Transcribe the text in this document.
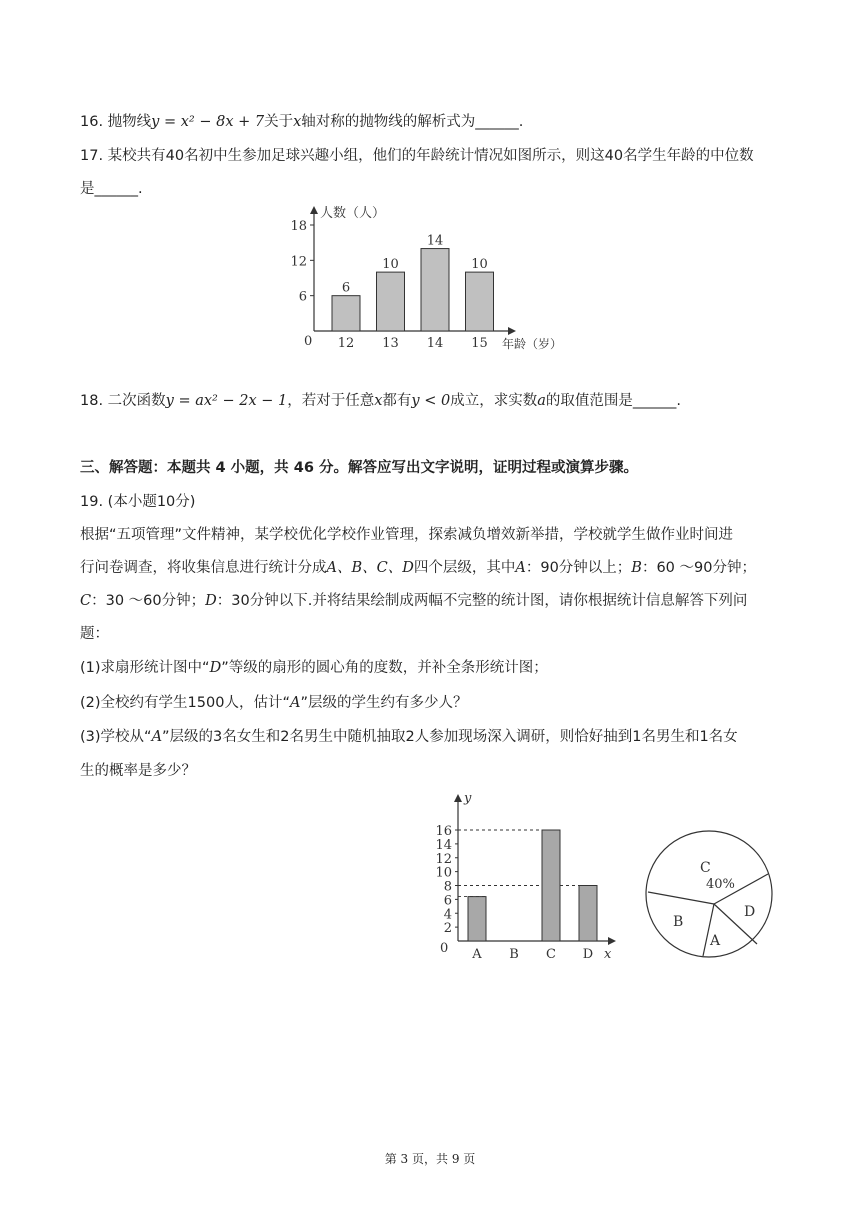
16. 抛物线y = x² − 8x + 7关于x轴对称的抛物线的解析式为______.
17. 某校共有40名初中生参加足球兴趣小组，他们的年龄统计情况如图所示，则这40名学生年龄的中位数
是______.
人数（人）
年龄（岁）
0
6
12
18
6
12
10
13
14
14
10
15
18. 二次函数y = ax² − 2x − 1，若对于任意x都有y < 0成立，求实数a的取值范围是______.
三、解答题：本题共 4 小题，共 46 分。解答应写出文字说明，证明过程或演算步骤。
19. (本小题10分)
根据“五项管理”文件精神，某学校优化学校作业管理，探索减负增效新举措，学校就学生做作业时间进
行问卷调查，将收集信息进行统计分成A、B、C、D四个层级，其中A：90分钟以上；B：60 ～90分钟；
C：30 ～60分钟；D：30分钟以下.并将结果绘制成两幅不完整的统计图，请你根据统计信息解答下列问
题：
(1)求扇形统计图中“D”等级的扇形的圆心角的度数，并补全条形统计图；
(2)全校约有学生1500人，估计“A”层级的学生约有多少人？
(3)学校从“A”层级的3名女生和2名男生中随机抽取2人参加现场深入调研，则恰好抽到1名男生和1名女
生的概率是多少？
y
x
0
2
4
6
8
10
12
14
16
A B C D
C
40%
B
A
D
第 3 页，共 9 页
